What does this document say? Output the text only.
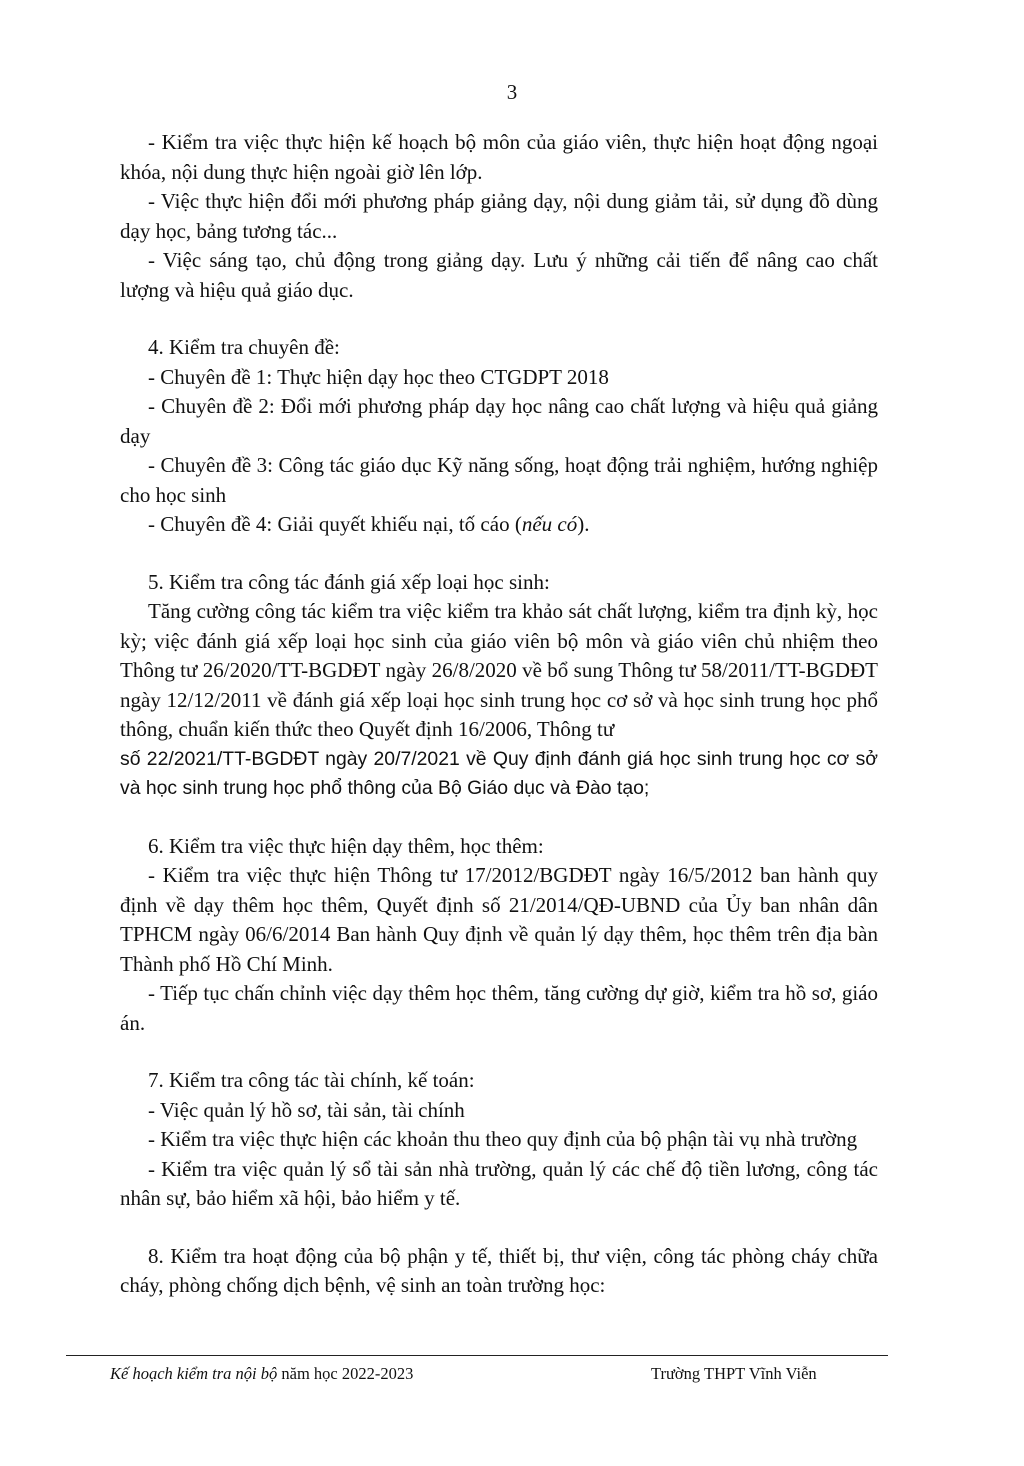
3

- Kiểm tra việc thực hiện kế hoạch bộ môn của giáo viên, thực hiện hoạt động ngoại khóa, nội dung thực hiện ngoài giờ lên lớp.

- Việc thực hiện đổi mới phương pháp giảng dạy, nội dung giảm tải, sử dụng đồ dùng dạy học, bảng tương tác...

- Việc sáng tạo, chủ động trong giảng dạy. Lưu ý những cải tiến để nâng cao chất lượng và hiệu quả giáo dục.

4. Kiểm tra chuyên đề:

- Chuyên đề 1: Thực hiện dạy học theo CTGDPT 2018

- Chuyên đề 2: Đổi mới phương pháp dạy học nâng cao chất lượng và hiệu quả giảng dạy

- Chuyên đề 3: Công tác giáo dục Kỹ năng sống, hoạt động trải nghiệm, hướng nghiệp cho học sinh

- Chuyên đề 4: Giải quyết khiếu nại, tố cáo (nếu có).

5. Kiểm tra công tác đánh giá xếp loại học sinh:

Tăng cường công tác kiểm tra việc kiểm tra khảo sát chất lượng, kiểm tra định kỳ, học kỳ; việc đánh giá xếp loại học sinh của giáo viên bộ môn và giáo viên chủ nhiệm theo Thông tư 26/2020/TT-BGDĐT ngày 26/8/2020 về bổ sung Thông tư 58/2011/TT-BGDĐT ngày 12/12/2011 về đánh giá xếp loại học sinh trung học cơ sở và học sinh trung học phổ thông, chuẩn kiến thức theo Quyết định 16/2006, Thông tư

số 22/2021/TT-BGDĐT ngày 20/7/2021 về Quy định đánh giá học sinh trung học cơ sở và học sinh trung học phổ thông của Bộ Giáo dục và Đào tạo;

6. Kiểm tra việc thực hiện dạy thêm, học thêm:

- Kiểm tra việc thực hiện Thông tư 17/2012/BGDĐT ngày 16/5/2012 ban hành quy định về dạy thêm học thêm, Quyết định số 21/2014/QĐ-UBND của Ủy ban nhân dân TPHCM ngày 06/6/2014 Ban hành Quy định về quản lý dạy thêm, học thêm trên địa bàn Thành phố Hồ Chí Minh.

- Tiếp tục chấn chỉnh việc dạy thêm học thêm, tăng cường dự giờ, kiểm tra hồ sơ, giáo án.

7. Kiểm tra công tác tài chính, kế toán:

- Việc quản lý hồ sơ, tài sản, tài chính

- Kiểm tra việc thực hiện các khoản thu theo quy định của bộ phận tài vụ nhà trường

- Kiểm tra việc quản lý sổ tài sản nhà trường, quản lý các chế độ tiền lương, công tác nhân sự, bảo hiểm xã hội, bảo hiểm y tế.

8. Kiểm tra hoạt động của bộ phận y tế, thiết bị, thư viện, công tác phòng cháy chữa cháy, phòng chống dịch bệnh, vệ sinh an toàn trường học:

Kế hoạch kiểm tra nội bộ năm học 2022-2023	Trường THPT Vĩnh Viễn
